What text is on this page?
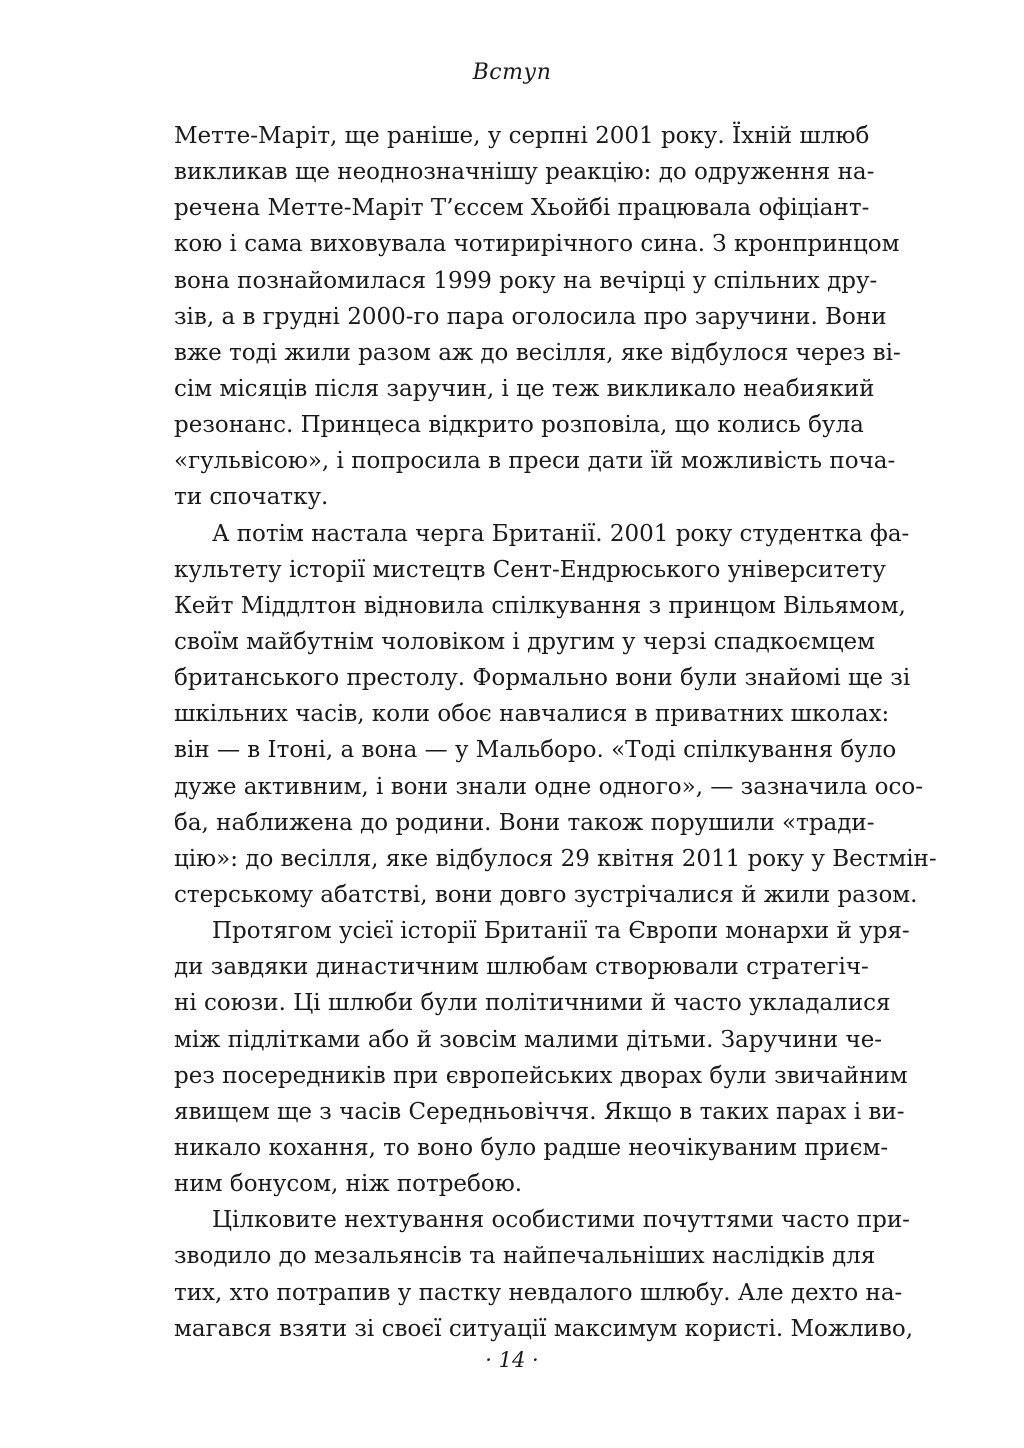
Вступ
Метте-Маріт, ще раніше, у серпні 2001 року. Їхній шлюб
викликав ще неоднозначнішу реакцію: до одруження на-
речена Метте-Маріт Т’єссем Хьойбі працювала офіціант-
кою і сама виховувала чотирирічного сина. З кронпринцом
вона познайомилася 1999 року на вечірці у спільних дру-
зів, а в грудні 2000-го пара оголосила про заручини. Вони
вже тоді жили разом аж до весілля, яке відбулося через ві-
сім місяців після заручин, і це теж викликало неабиякий
резонанс. Принцеса відкрито розповіла, що колись була
«гульвісою», і попросила в преси дати їй можливість поча-
ти спочатку.
А потім настала черга Британії. 2001 року студентка фа-
культету історії мистецтв Сент-Ендрюського університету
Кейт Міддлтон відновила спілкування з принцом Вільямом,
своїм майбутнім чоловіком і другим у черзі спадкоємцем
британського престолу. Формально вони були знайомі ще зі
шкільних часів, коли обоє навчалися в приватних школах:
він — в Ітоні, а вона — у Мальборо. «Тоді спілкування було
дуже активним, і вони знали одне одного», — зазначила осо-
ба, наближена до родини. Вони також порушили «тради-
цію»: до весілля, яке відбулося 29 квітня 2011 року у Вестмін-
стерському абатстві, вони довго зустрічалися й жили разом.
Протягом усієї історії Британії та Європи монархи й уря-
ди завдяки династичним шлюбам створювали стратегіч-
ні союзи. Ці шлюби були політичними й часто укладалися
між підлітками або й зовсім малими дітьми. Заручини че-
рез посередників при європейських дворах були звичайним
явищем ще з часів Середньовіччя. Якщо в таких парах і ви-
никало кохання, то воно було радше неочікуваним приєм-
ним бонусом, ніж потребою.
Цілковите нехтування особистими почуттями часто при-
зводило до мезальянсів та найпечальніших наслідків для
тих, хто потрапив у пастку невдалого шлюбу. Але дехто на-
магався взяти зі своєї ситуації максимум користі. Можливо,
· 14 ·
